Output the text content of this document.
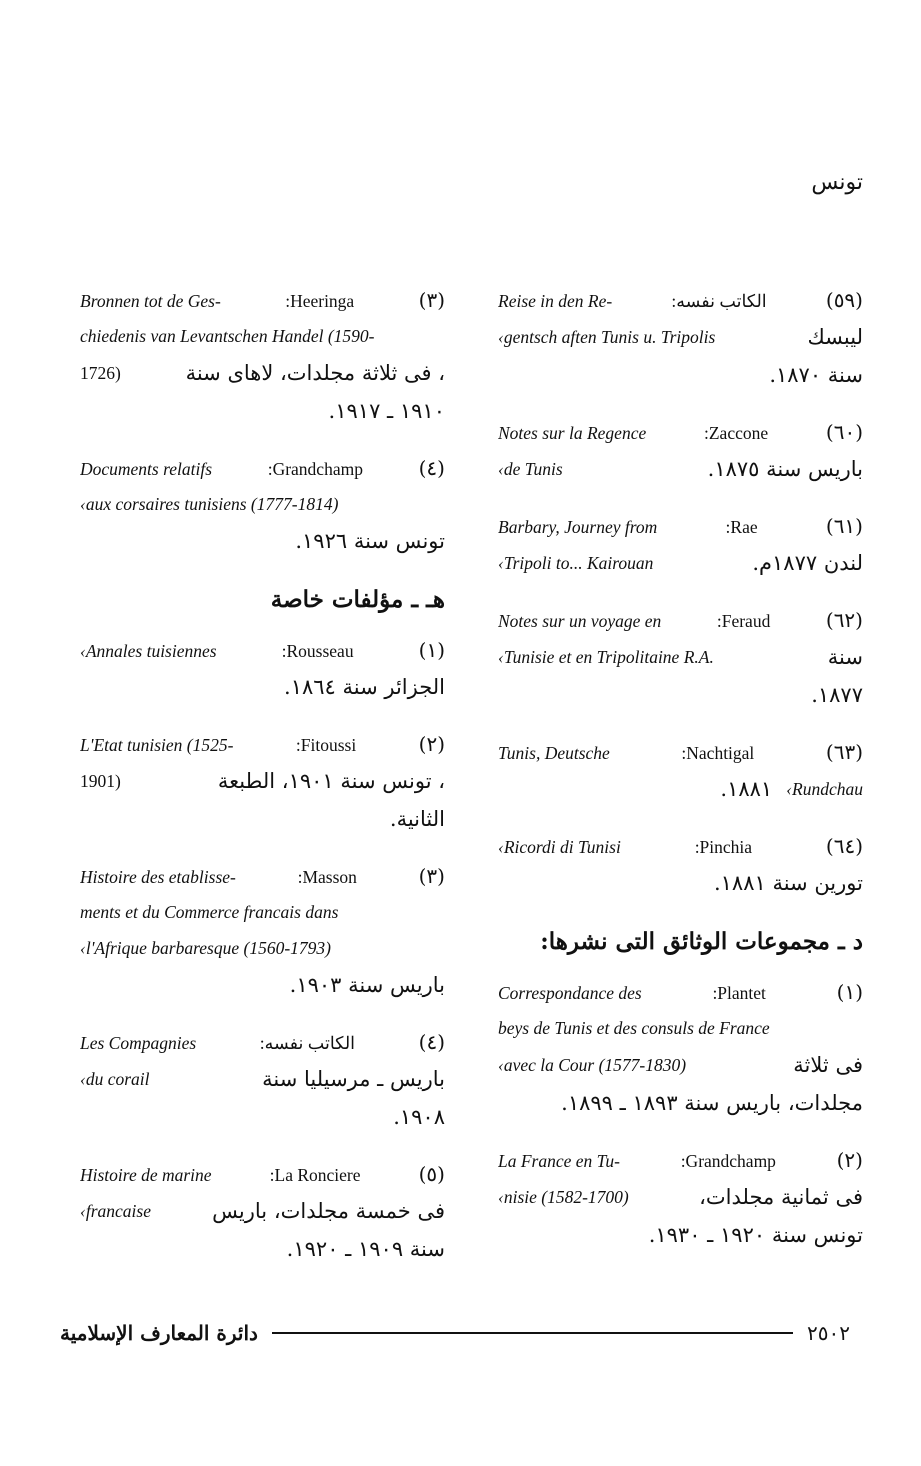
تونس
Reise in den Re-	:الكاتب نفسه	(٥٩)
‹gentsch aften Tunis u. Tripolis	ليبسك
سنة ١٨٧٠.
Notes sur la Regence	:Zaccone	(٦٠)
‹de Tunis	باريس سنة ١٨٧٥.
Barbary, Journey from	:Rae	(٦١)
‹Tripoli to... Kairouan	لندن ١٨٧٧م.
Notes sur un voyage en	:Feraud	(٦٢)
‹Tunisie et en Tripolitaine R.A.	سنة
١٨٧٧.
Tunis, Deutsche	:Nachtigal	(٦٣)
١٨٨١. ‹Rundchau
‹Ricordi di Tunisi	:Pinchia	(٦٤)
تورين سنة ١٨٨١.
د ـ مجموعات الوثائق التى نشرها:
Correspondance des	:Plantet	(١)
beys de Tunis et des consuls de France
‹avec la Cour (1577-1830)	فى ثلاثة
مجلدات، باريس سنة ١٨٩٣ ـ ١٨٩٩.
La France en Tu-	:Grandchamp	(٢)
‹nisie (1582-1700)	فى ثمانية مجلدات،
تونس سنة ١٩٢٠ ـ ١٩٣٠.
Bronnen tot de Ges-	:Heeringa	(٣)
chiedenis van Levantschen Handel (1590-
1726)	، فى ثلاثة مجلدات، لاهاى سنة
١٩١٠ ـ ١٩١٧.
Documents relatifs	:Grandchamp	(٤)
‹aux corsaires tunisiens (1777-1814)
تونس سنة ١٩٢٦.
هـ ـ مؤلفات خاصة
‹Annales tuisiennes	:Rousseau	(١)
الجزائر سنة ١٨٦٤.
L'Etat tunisien (1525-	:Fitoussi	(٢)
1901)	، تونس سنة ١٩٠١، الطبعة
الثانية.
Histoire des etablisse-	:Masson	(٣)
ments et du Commerce francais dans
‹l'Afrique barbaresque (1560-1793)
باريس سنة ١٩٠٣.
Les Compagnies	:الكاتب نفسه	(٤)
‹du corail	باريس ـ مرسيليا سنة
١٩٠٨.
Histoire de marine	:La Ronciere	(٥)
‹francaise	فى خمسة مجلدات، باريس
سنة ١٩٠٩ ـ ١٩٢٠.
دائرة المعارف الإسلامية	٢٥٠٢
